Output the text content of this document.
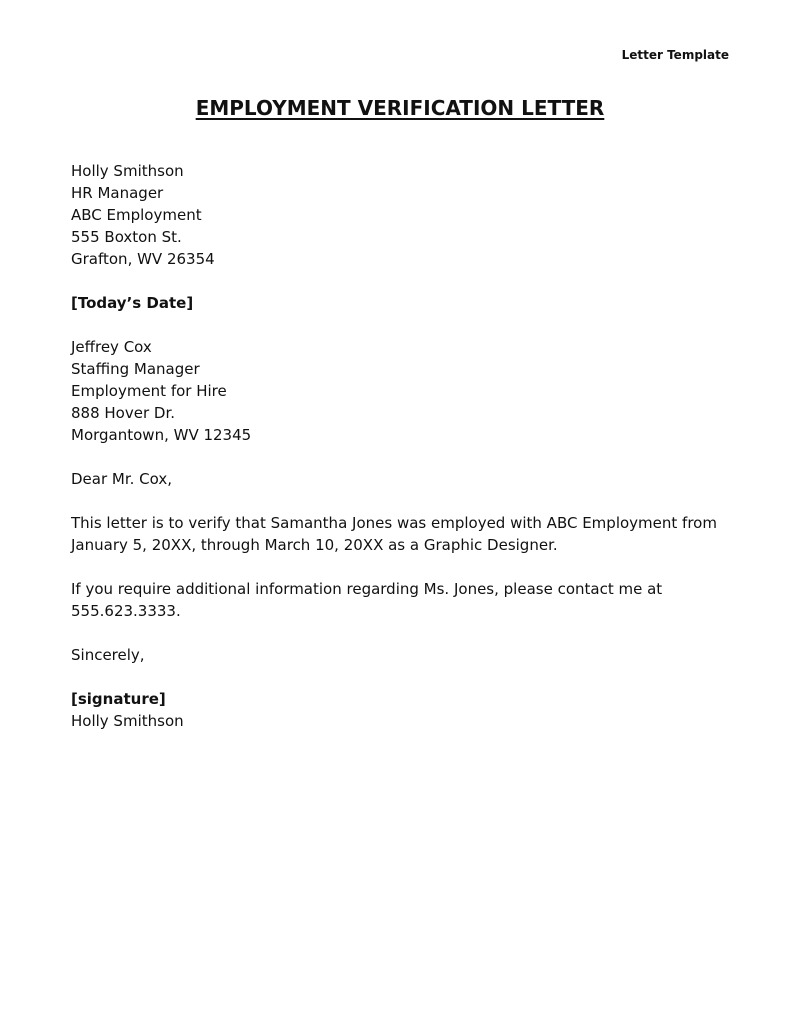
Letter Template
EMPLOYMENT VERIFICATION LETTER
Holly Smithson
HR Manager
ABC Employment
555 Boxton St.
Grafton, WV 26354
[Today’s Date]
Jeffrey Cox
Staffing Manager
Employment for Hire
888 Hover Dr.
Morgantown, WV 12345
Dear Mr. Cox,
This letter is to verify that Samantha Jones was employed with ABC Employment from
January 5, 20XX, through March 10, 20XX as a Graphic Designer.
If you require additional information regarding Ms. Jones, please contact me at
555.623.3333.
Sincerely,
[signature]
Holly Smithson
